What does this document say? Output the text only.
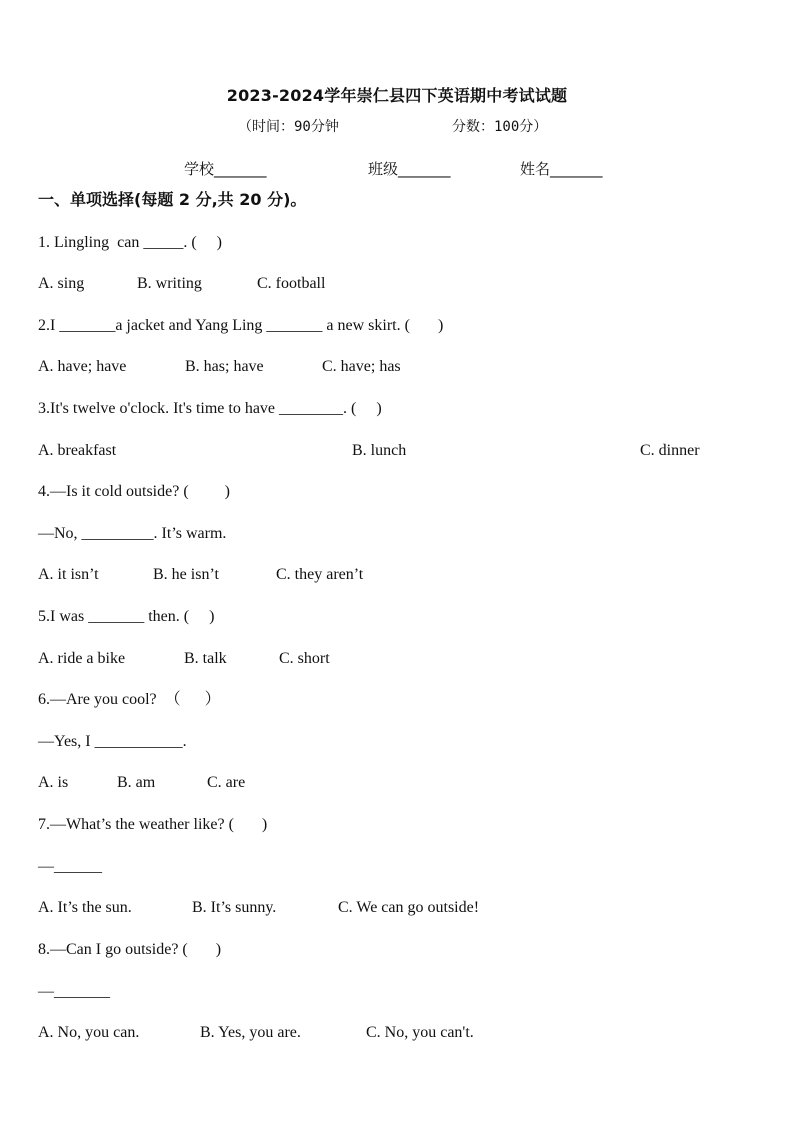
2023-2024学年崇仁县四下英语期中考试试题
（时间：90分钟	分数：100分）
学校_______	班级_______	姓名_______
一、单项选择(每题 2 分,共 20 分)。
1. Lingling  can _____. (     )
A. sing	B. writing	C. football
2.I _______a jacket and Yang Ling _______ a new skirt. (       )
A. have; have	B. has; have	C. have; has
3.It's twelve o'clock. It's time to have ________. (     )
A. breakfast	B. lunch	C. dinner
4.—Is it cold outside? (         )
—No, _________. It’s warm.
A. it isn’t	B. he isn’t	C. they aren’t
5.I was _______ then. (     )
A. ride a bike	B. talk	C. short
6.—Are you cool?  （      ）
—Yes, I ___________.
A. is	B. am	C. are
7.—What’s the weather like? (       )
—______
A. It’s the sun.	B. It’s sunny.	C. We can go outside!
8.—Can I go outside? (       )
—_______
A. No, you can.	B. Yes, you are.	C. No, you can't.
